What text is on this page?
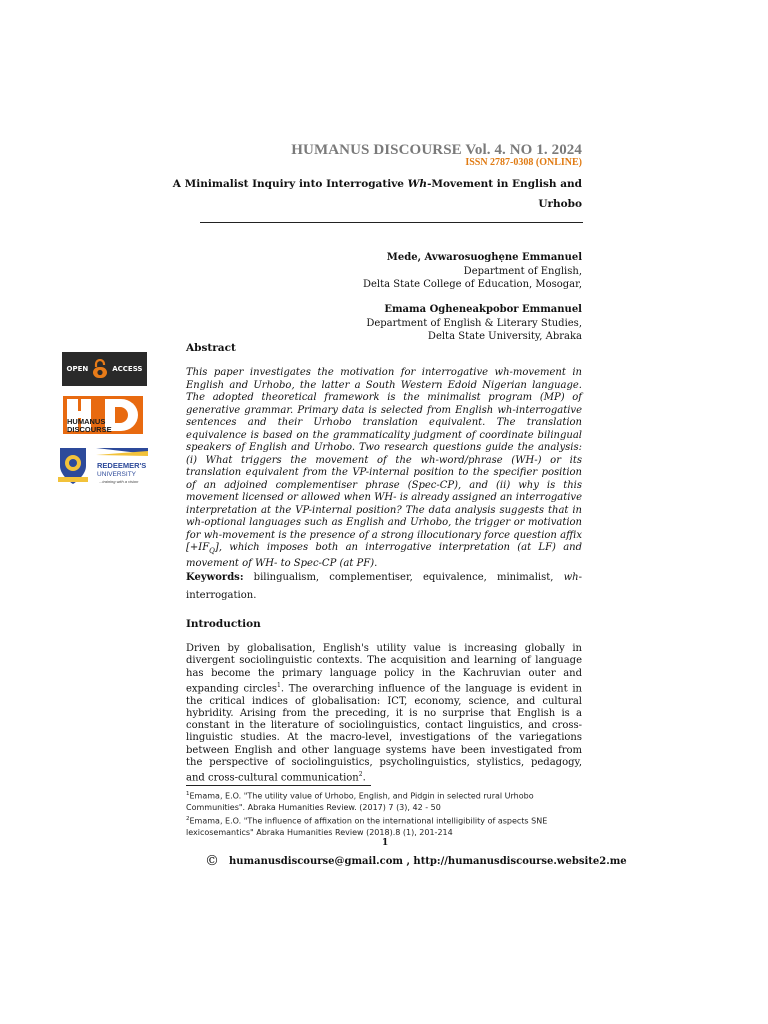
HUMANUS DISCOURSE Vol. 4. NO 1. 2024
ISSN 2787-0308 (ONLINE)
A Minimalist Inquiry into Interrogative Wh-Movement in English and Urhobo
Mede, Avwarosuoghẹne Emmanuel
Department of English,
Delta State College of Education, Mosogar,
Emama Ogheneakpobor Emmanuel
Department of English & Literary Studies,
Delta State University, Abraka
OPEN	ACCESS
HUMANUS
DISCOURSE
REDEEMER'S
UNIVERSITY
...training with a vision
Abstract
This paper investigates the motivation for interrogative wh-movement in English and Urhobo, the latter a South Western Edoid Nigerian language. The adopted theoretical framework is the minimalist program (MP) of generative grammar. Primary data is selected from English wh-interrogative sentences and their Urhobo translation equivalent. The translation equivalence is based on the grammaticality judgment of coordinate bilingual speakers of English and Urhobo. Two research questions guide the analysis: (i) What triggers the movement of the wh-word/phrase (WH-) or its translation equivalent from the VP-internal position to the specifier position of an adjoined complementiser phrase (Spec-CP), and (ii) why is this movement licensed or allowed when WH- is already assigned an interrogative interpretation at the VP-internal position? The data analysis suggests that in wh-optional languages such as English and Urhobo, the trigger or motivation for wh-movement is the presence of a strong illocutionary force question affix $[+IF_Q]$, which imposes both an interrogative interpretation (at LF) and movement of WH- to Spec-CP (at PF).
Keywords: bilingualism, complementiser, equivalence, minimalist, wh-interrogation.
Introduction
Driven by globalisation, English's utility value is increasing globally in divergent sociolinguistic contexts. The acquisition and learning of language has become the primary language policy in the Kachruvian outer and expanding circles$^1$. The overarching influence of the language is evident in the critical indices of globalisation: ICT, economy, science, and cultural hybridity. Arising from the preceding, it is no surprise that English is a constant in the literature of sociolinguistics, contact linguistics, and cross-linguistic studies. At the macro-level, investigations of the variegations between English and other language systems have been investigated from the perspective of sociolinguistics, psycholinguistics, stylistics, pedagogy, and cross-cultural communication$^2$.
$^1$Emama, E.O. "The utility value of Urhobo, English, and Pidgin in selected rural Urhobo Communities". Abraka Humanities Review. (2017) 7 (3), 42 - 50
$^2$Emama, E.O. "The influence of affixation on the international intelligibility of aspects SNE lexicosemantics" Abraka Humanities Review (2018).8 (1), 201-214
1
© humanusdiscourse@gmail.com , http://humanusdiscourse.website2.me
